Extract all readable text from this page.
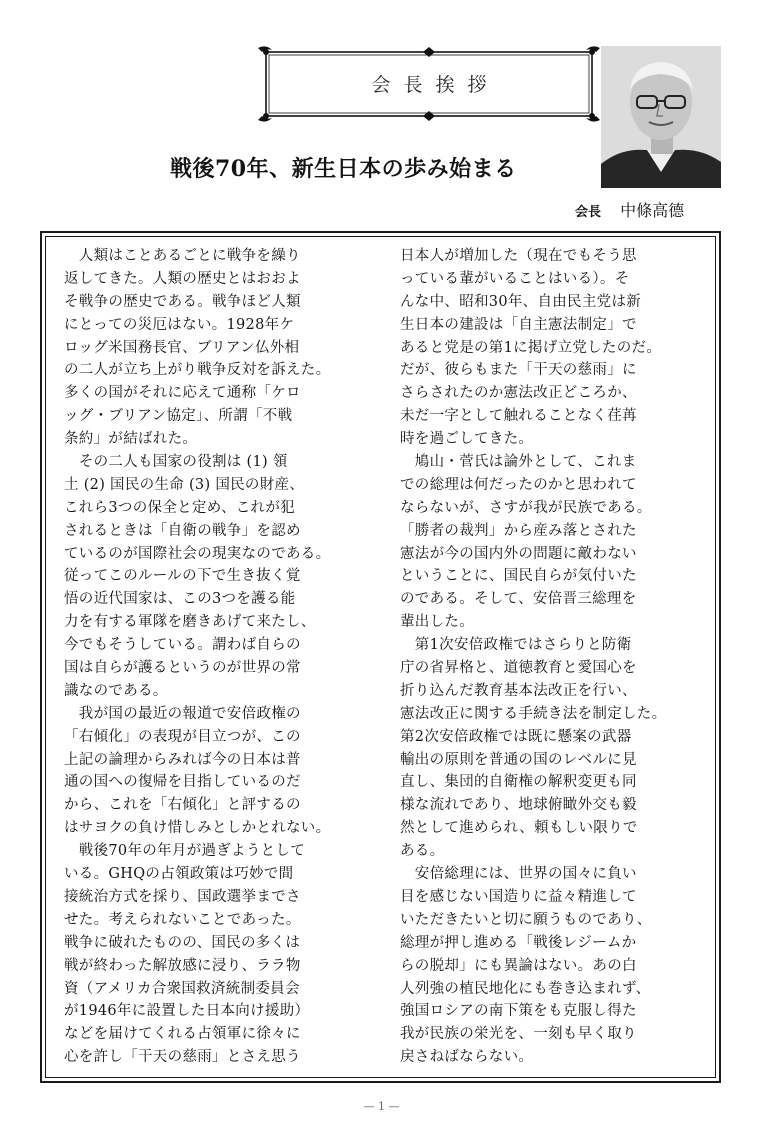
会長挨拶
戦後70年、新生日本の歩み始まる
会長 中條高德
　人類はことあるごとに戦争を繰り
返してきた。人類の歴史とはおおよ
そ戦争の歴史である。戦争ほど人類
にとっての災厄はない。1928年ケ
ロッグ米国務長官、ブリアン仏外相
の二人が立ち上がり戦争反対を訴えた。
多くの国がそれに応えて通称「ケロ
ッグ・ブリアン協定」、所謂「不戦
条約」が結ばれた。
　その二人も国家の役割は (1) 領
土 (2) 国民の生命 (3) 国民の財産、
これら3つの保全と定め、これが犯
されるときは「自衛の戦争」を認め
ているのが国際社会の現実なのである。
従ってこのルールの下で生き抜く覚
悟の近代国家は、この3つを護る能
力を有する軍隊を磨きあげて来たし、
今でもそうしている。謂わば自らの
国は自らが護るというのが世界の常
識なのである。
　我が国の最近の報道で安倍政権の
「右傾化」の表現が目立つが、この
上記の論理からみれば今の日本は普
通の国への復帰を目指しているのだ
から、これを「右傾化」と評するの
はサヨクの負け惜しみとしかとれない。
　戦後70年の年月が過ぎようとして
いる。GHQの占領政策は巧妙で間
接統治方式を採り、国政選挙までさ
せた。考えられないことであった。
戦争に破れたものの、国民の多くは
戦が終わった解放感に浸り、ララ物
資（アメリカ合衆国救済統制委員会
が1946年に設置した日本向け援助）
などを届けてくれる占領軍に徐々に
心を許し「干天の慈雨」とさえ思う
日本人が増加した（現在でもそう思
っている輩がいることはいる）。そ
んな中、昭和30年、自由民主党は新
生日本の建設は「自主憲法制定」で
あると党是の第1に掲げ立党したのだ。
だが、彼らもまた「干天の慈雨」に
さらされたのか憲法改正どころか、
未だ一字として触れることなく荏苒
時を過ごしてきた。
　鳩山・菅氏は論外として、これま
での総理は何だったのかと思われて
ならないが、さすが我が民族である。
「勝者の裁判」から産み落とされた
憲法が今の国内外の問題に敵わない
ということに、国民自らが気付いた
のである。そして、安倍晋三総理を
輩出した。
　第1次安倍政権ではさらりと防衛
庁の省昇格と、道徳教育と愛国心を
折り込んだ教育基本法改正を行い、
憲法改正に関する手続き法を制定した。
第2次安倍政権では既に懸案の武器
輸出の原則を普通の国のレベルに見
直し、集団的自衛権の解釈変更も同
様な流れであり、地球俯瞰外交も毅
然として進められ、頼もしい限りで
ある。
　安倍総理には、世界の国々に負い
目を感じない国造りに益々精進して
いただきたいと切に願うものであり、
総理が押し進める「戦後レジームか
らの脱却」にも異論はない。あの白
人列強の植民地化にも巻き込まれず、
強国ロシアの南下策をも克服し得た
我が民族の栄光を、一刻も早く取り
戻さねばならない。
— 1 —
